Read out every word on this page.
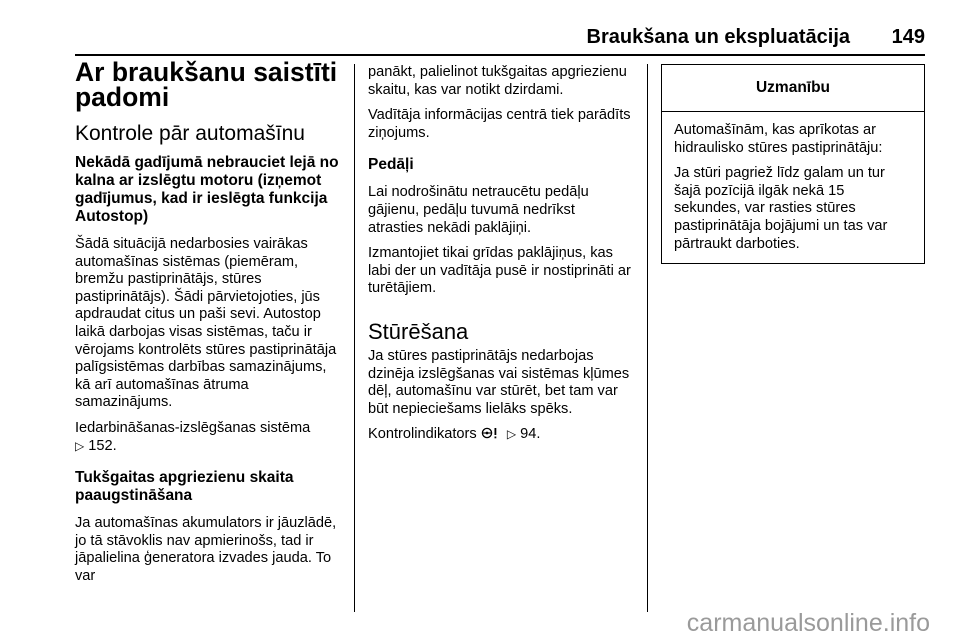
Braukšana un ekspluatācija 149
Ar braukšanu saistīti padomi
Kontrole pār automašīnu
Nekādā gadījumā nebrauciet lejā no kalna ar izslēgtu motoru (izņemot gadījumus, kad ir ieslēgta funkcija Autostop)

Šādā situācijā nedarbosies vairākas automašīnas sistēmas (piemēram, bremžu pastiprinātājs, stūres pastiprinātājs). Šādi pārvietojoties, jūs apdraudat citus un paši sevi. Autostop laikā darbojas visas sistēmas, taču ir vērojams kontrolēts stūres pastiprinātāja palīgsistēmas darbības samazinājums, kā arī automašīnas ātruma samazinājums.

Iedarbināšanas-izslēgšanas sistēma
▷ 152.

Tukšgaitas apgriezienu skaita paaugstināšana

Ja automašīnas akumulators ir jāuzlādē, jo tā stāvoklis nav apmierinošs, tad ir jāpalielina ģeneratora izvades jauda. To var

panākt, palielinot tukšgaitas apgriezienu skaitu, kas var notikt dzirdami.

Vadītāja informācijas centrā tiek parādīts ziņojums.

Pedāļi

Lai nodrošinātu netraucētu pedāļu gājienu, pedāļu tuvumā nedrīkst atrasties nekādi paklājiņi.

Izmantojiet tikai grīdas paklājiņus, kas labi der un vadītāja pusē ir nostiprināti ar turētājiem.

Stūrēšana

Ja stūres pastiprinātājs nedarbojas dzinēja izslēgšanas vai sistēmas kļūmes dēļ, automašīnu var stūrēt, bet tam var būt nepieciešams lielāks spēks.

Kontrolindikators	▷ 94.

Uzmanību

Automašīnām, kas aprīkotas ar hidraulisko stūres pastiprinātāju:

Ja stūri pagriež līdz galam un tur šajā pozīcijā ilgāk nekā 15 sekundes, var rasties stūres pastiprinātāja bojājumi un tas var pārtraukt darboties.

carmanualsonline.info
